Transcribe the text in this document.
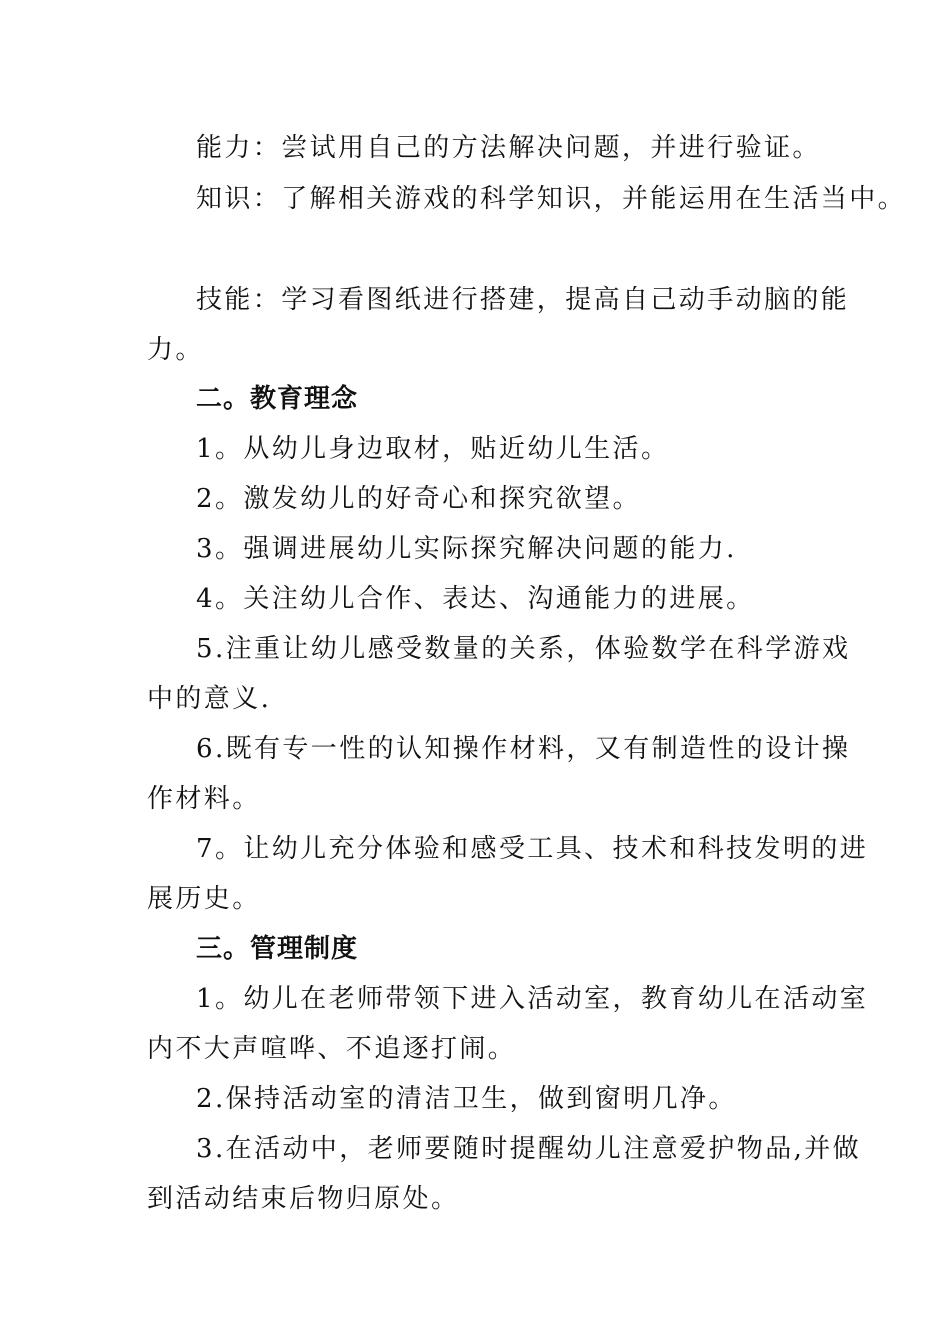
能力：尝试用自己的方法解决问题，并进行验证。
知识：了解相关游戏的科学知识，并能运用在生活当中。
技能：学习看图纸进行搭建，提高自己动手动脑的能
力。
二。教育理念
1。从幼儿身边取材，贴近幼儿生活。
2。激发幼儿的好奇心和探究欲望。
3。强调进展幼儿实际探究解决问题的能力.
4。关注幼儿合作、表达、沟通能力的进展。
5.注重让幼儿感受数量的关系，体验数学在科学游戏
中的意义.
6.既有专一性的认知操作材料，又有制造性的设计操
作材料。
7。让幼儿充分体验和感受工具、技术和科技发明的进
展历史。
三。管理制度
1。幼儿在老师带领下进入活动室，教育幼儿在活动室
内不大声喧哗、不追逐打闹。
2.保持活动室的清洁卫生，做到窗明几净。
3.在活动中，老师要随时提醒幼儿注意爱护物品,并做
到活动结束后物归原处。
